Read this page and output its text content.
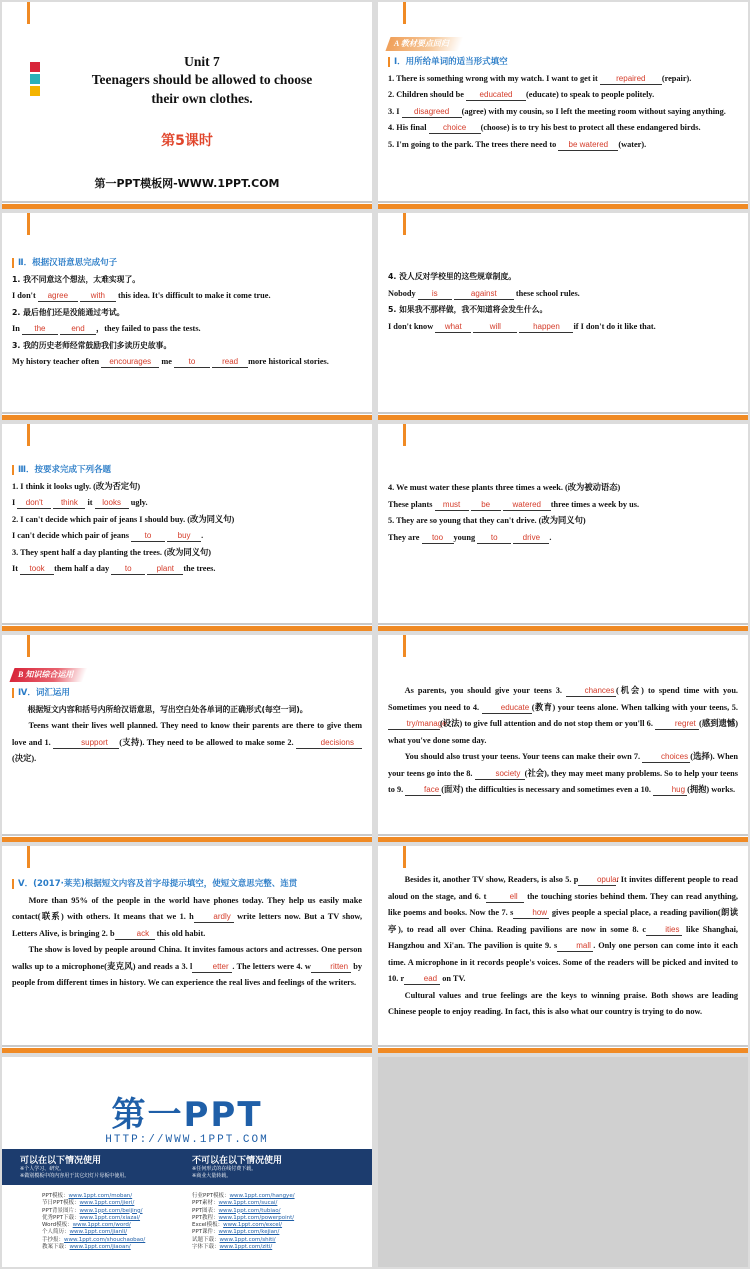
Unit 7
Teenagers should be allowed to choose
their own clothes.
第5课时
第一PPT模板网-WWW.1PPT.COM
A 教材要点回归
Ⅰ．用所给单词的适当形式填空

1. There is something wrong with my watch. I want to get it repaired (repair).

2. Children should be educated (educate) to speak to people politely.

3. I disagreed (agree) with my cousin, so I left the meeting room without saying anything.

4. His final choice (choose) is to try his best to protect all these endangered birds.

5. I'm going to the park. The trees there need to be watered (water).

Ⅱ．根据汉语意思完成句子

1. 我不同意这个想法，太难实现了。

I don't agree	with this idea. It's difficult to make it come true.

2. 最后他们还是没能通过考试。

In the	end ，they failed to pass the tests.

3. 我的历史老师经常鼓励我们多读历史故事。

My history teacher often encourages me to	read more historical stories.

4. 没人反对学校里的这些规章制度。

Nobody is	against these school rules.

5. 如果我不那样做，我不知道将会发生什么。

I don't know what	will	happen if I don't do it like that.

Ⅲ．按要求完成下列各题

1. I think it looks ugly. (改为否定句)

I don't think it looks ugly.

2. I can't decide which pair of jeans I should buy. (改为同义句)

I can't decide which pair of jeans to	buy .

3. They spent half a day planting the trees. (改为同义句)

It took them half a day to	plant the trees.

4. We must water these plants three times a week. (改为被动语态)

These plants must	be	watered three times a week by us.

5. They are so young that they can't drive. (改为同义句)

They are too young to	drive .

B 知识综合运用
Ⅳ．词汇运用

根据短文内容和括号内所给汉语意思，写出空白处各单词的正确形式(每空一词)。

Teens want their lives well planned. They need to know their parents are there to give them love and 1.	support (支持). They need to be allowed to make some 2.	decisions(决定).

As parents, you should give your teens 3.	chances (机会) to spend time with you. Sometimes you need to 4.	educate (教育) your teens alone. When talking with your teens, 5. try/manage(设法) to give full attention and do not stop them or you'll 6.	regret (感到遗憾) what you've done some day.

You should also trust your teens. Your teens can make their own 7.	choices (选择). When your teens go into the 8.	society (社会), they may meet many problems. So to help your teens to 9.	face (面对) the difficulties is necessary and sometimes even a 10.	hug (拥抱) works.

Ⅴ．(2017·莱芜)根据短文内容及首字母提示填空，使短文意思完整、连贯

More than 95% of the people in the world have phones today. They help us easily make contact(联系) with others. It means that we 1. h ardly write letters now. But a TV show, Letters Alive, is bringing 2. b	ack this old habit.

The show is loved by people around China. It invites famous actors and actresses. One person walks up to a microphone(麦克风) and reads a 3. l	etter . The letters were 4. w ritten by people from different times in history. We can experience the real lives and feelings of the writers.

Besides it, another TV show, Readers, is also 5. p opular. It invites different people to read aloud on the stage, and 6. t	ell the touching stories behind them. They can read anything, like poems and books. Now the 7. s how gives people a special place, a reading pavilion(朗读亭), to read all over China. Reading pavilions are now in some 8. c ities like Shanghai, Hangzhou and Xi'an. The pavilion is quite 9. s mall . Only one person can come into it each time. A microphone in it records people's voices. Some of the readers will be picked and invited to 10. r ead on TV.

Cultural values and true feelings are the keys to winning praise. Both shows are leading Chinese people to enjoy reading. In fact, this is also what our country is trying to do now.

第一PPT
HTTP://WWW.1PPT.COM
可以在以下情况使用
※个人学习、研究。
※做别模板中的内容用于其它幻灯片母板中使用。
不可以在以下情况使用
※任何形式的在线付费下载。
※商业大量转载。
PPT模板：www.1ppt.com/moban/
节日PPT模板：www.1ppt.com/jieri/
PPT背景图片：www.1ppt.com/beijing/
优秀PPT下载：www.1ppt.com/xiazai/
Word模板：www.1ppt.com/word/
个人简历：www.1ppt.com/jianli/
手抄报：www.1ppt.com/shouchaobao/
教案下载：www.1ppt.com/jiaoan/
行业PPT模板：www.1ppt.com/hangye/
PPT素材：www.1ppt.com/sucai/
PPT图表：www.1ppt.com/tubiao/
PPT教程：www.1ppt.com/powerpoint/
Excel模板：www.1ppt.com/excel/
PPT课件：www.1ppt.com/kejian/
试题下载：www.1ppt.com/shiti/
字体下载：www.1ppt.com/ziti/
